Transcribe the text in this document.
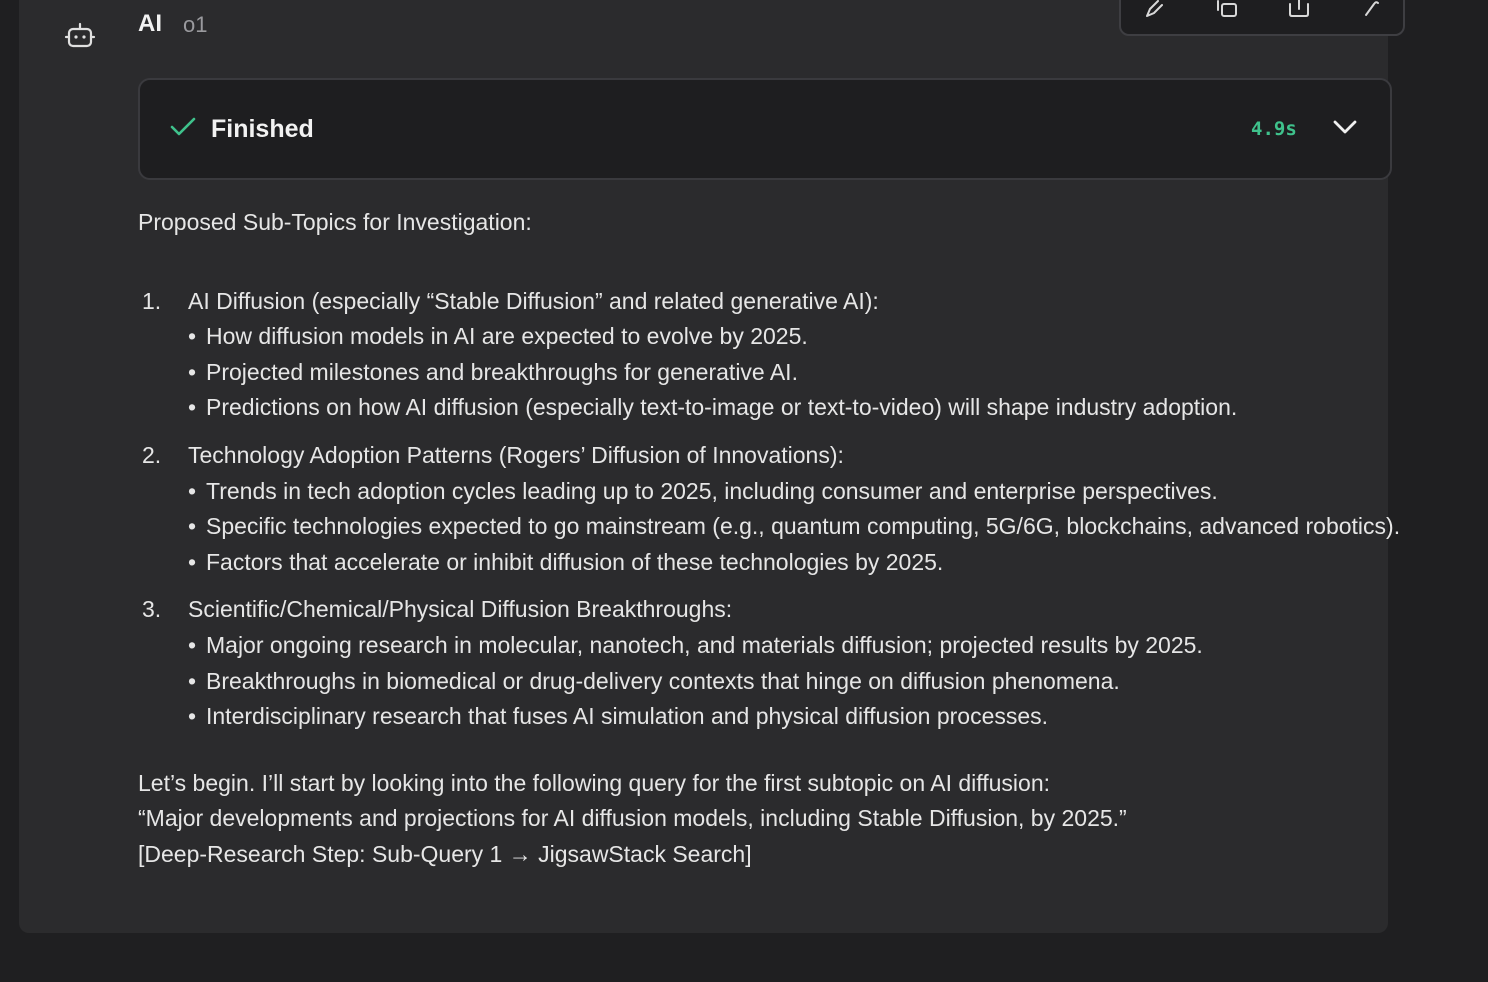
AI o1
Finished	4.9s

Proposed Sub-Topics for Investigation:

1. AI Diffusion (especially “Stable Diffusion” and related generative AI):
• How diffusion models in AI are expected to evolve by 2025.
• Projected milestones and breakthroughs for generative AI.
• Predictions on how AI diffusion (especially text-to-image or text-to-video) will shape industry adoption.
2. Technology Adoption Patterns (Rogers’ Diffusion of Innovations):
• Trends in tech adoption cycles leading up to 2025, including consumer and enterprise perspectives.
• Specific technologies expected to go mainstream (e.g., quantum computing, 5G/6G, blockchains, advanced robotics).
• Factors that accelerate or inhibit diffusion of these technologies by 2025.
3. Scientific/Chemical/Physical Diffusion Breakthroughs:
• Major ongoing research in molecular, nanotech, and materials diffusion; projected results by 2025.
• Breakthroughs in biomedical or drug-delivery contexts that hinge on diffusion phenomena.
• Interdisciplinary research that fuses AI simulation and physical diffusion processes.

Let’s begin. I’ll start by looking into the following query for the first subtopic on AI diffusion:
“Major developments and projections for AI diffusion models, including Stable Diffusion, by 2025.”
[Deep-Research Step: Sub-Query 1 → JigsawStack Search]
